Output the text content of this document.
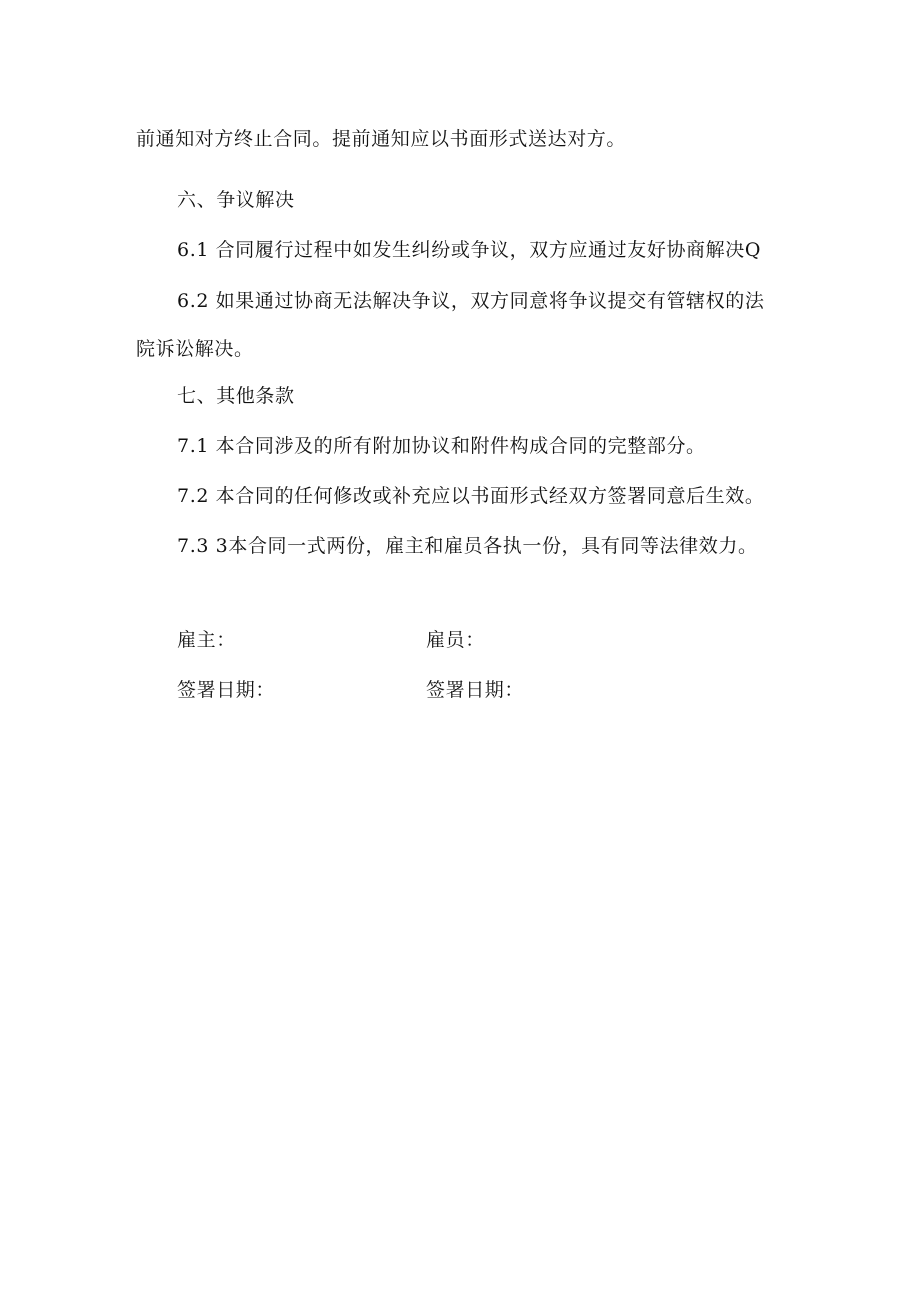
前通知对方终止合同。提前通知应以书面形式送达对方。
六、争议解决
6.1 合同履行过程中如发生纠纷或争议，双方应通过友好协商解决Q
6.2 如果通过协商无法解决争议，双方同意将争议提交有管辖权的法
院诉讼解决。
七、其他条款
7.1 本合同涉及的所有附加协议和附件构成合同的完整部分。
7.2 本合同的任何修改或补充应以书面形式经双方签署同意后生效。
7.3 3本合同一式两份，雇主和雇员各执一份，具有同等法律效力。
雇主：	雇员：
签署日期：	签署日期：
